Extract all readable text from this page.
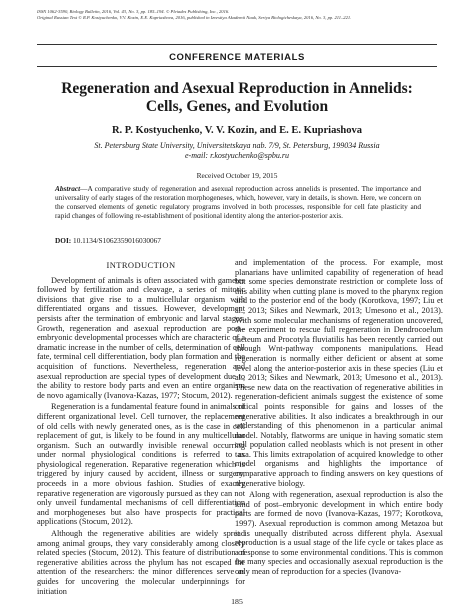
ISSN 1062-3590, Biology Bulletin, 2016, Vol. 43, No. 3, pp. 185–194. © Pleiades Publishing, Inc., 2016.
Original Russian Text © R.P. Kostyuchenko, V.V. Kozin, E.E. Kupriashova, 2016, published in Izvestiya Akademii Nauk, Seriya Biologicheskaya, 2016, No. 3, pp. 211–221.
CONFERENCE MATERIALS
Regeneration and Asexual Reproduction in Annelids:
Cells, Genes, and Evolution
R. P. Kostyuchenko, V. V. Kozin, and E. E. Kupriashova
St. Petersburg State University, Universitetskaya nab. 7/9, St. Petersburg, 199034 Russia
e-mail: r.kostyuchenko@spbu.ru
Received October 19, 2015
Abstract—A comparative study of regeneration and asexual reproduction across annelids is presented. The importance and universality of early stages of the restoration morphogeneses, which, however, vary in details, is shown. Here, we concern on the conserved elements of genetic regulatory programs involved in both processes, responsible for cell fate plasticity and rapid changes of following re-establishment of positional identity along the anterior-posterior axis.
DOI: 10.1134/S1062359016030067
INTRODUCTION

Development of animals is often associated with gametes followed by fertilization and cleavage, a series of mitotic divisions that give rise to a multicellular organism with differentiated organs and tissues. However, development persists after the termination of embryonic and larval stages. Growth, regeneration and asexual reproduction are post–embryonic developmental processes which are characteric of a dramatic increase in the number of cells, determination of cell fate, terminal cell differentiation, body plan formation and the acquisition of functions. Nevertheless, regeneration and asexual reproduction are special types of development due to the ability to restore body parts and even an entire organism de novo agamically (Ivanova-Kazas, 1977; Stocum, 2012).

Regeneration is a fundamental feature found in animals of different organizational level. Cell turnover, the replacement of old cells with newly generated ones, as is the case in cell replacement of gut, is likely to be found in any multicellular organism. Such an outwardly invisible renewal occurring under normal physiological conditions is referred to as physiological regeneration. Reparative regeneration which is triggered by injury caused by accident, illness or surgery, proceeds in a more obvious fashion. Studies of exactly reparative regeneration are vigorously pursued as they can not only unveil fundamental mechanisms of cell differentiation and morphogeneses but also have prospects for practical applications (Stocum, 2012).

Although the regenerative abilities are widely spread among animal groups, they vary considerably among closely related species (Stocum, 2012). This feature of distribution of regenerative abilities across the phylum has not escaped the attention of the researchers: the minor differences serve as guides for uncovering the molecular underpinnings for initiation

and implementation of the process. For example, most planarians have unlimited capability of regeneration of head but some species demonstrate restriction or complete loss of this ability when cutting plane is moved to the pharynx region and to the posterior end of the body (Korotkova, 1997; Liu et al., 2013; Sikes and Newmark, 2013; Umesono et al., 2013). With some molecular mechanisms of regeneration uncovered, the experiment to rescue full regeneration in Dendrocoelum lacteum and Procotyla fluviatilis has been recently carried out through Wnt-pathway components manipulations. Head regeneration is normally either deficient or absent at some level along the anterior-posterior axis in these species (Liu et al., 2013; Sikes and Newmark, 2013; Umesono et al., 2013). These new data on the reactivation of regenerative abilities in regeneration-deficient animals suggest the existence of some critical points responsible for gains and losses of the regenerative abilities. It also indicates a breakthrough in our understanding of this phenomenon in a particular animal model. Notably, flatworms are unique in having somatic stem cell population called neoblasts which is not present in other taxa. This limits extrapolation of acquired knowledge to other model organisms and highlights the importance of comparative approach to finding answers on key questions of regenerative biology.

Along with regeneration, asexual reproduction is also the kind of post–embryonic development in which entire body parts are formed de novo (Ivanova-Kazas, 1977; Korotkova, 1997). Asexual reproduction is common among Metazoa but it is unequally distributed across different phyla. Asexual reproduction is a usual stage of the life cycle or takes place as a response to some environmental conditions. This is common for many species and occasionally asexual reproduction is the only mean of reproduction for a species (Ivanova-

185
